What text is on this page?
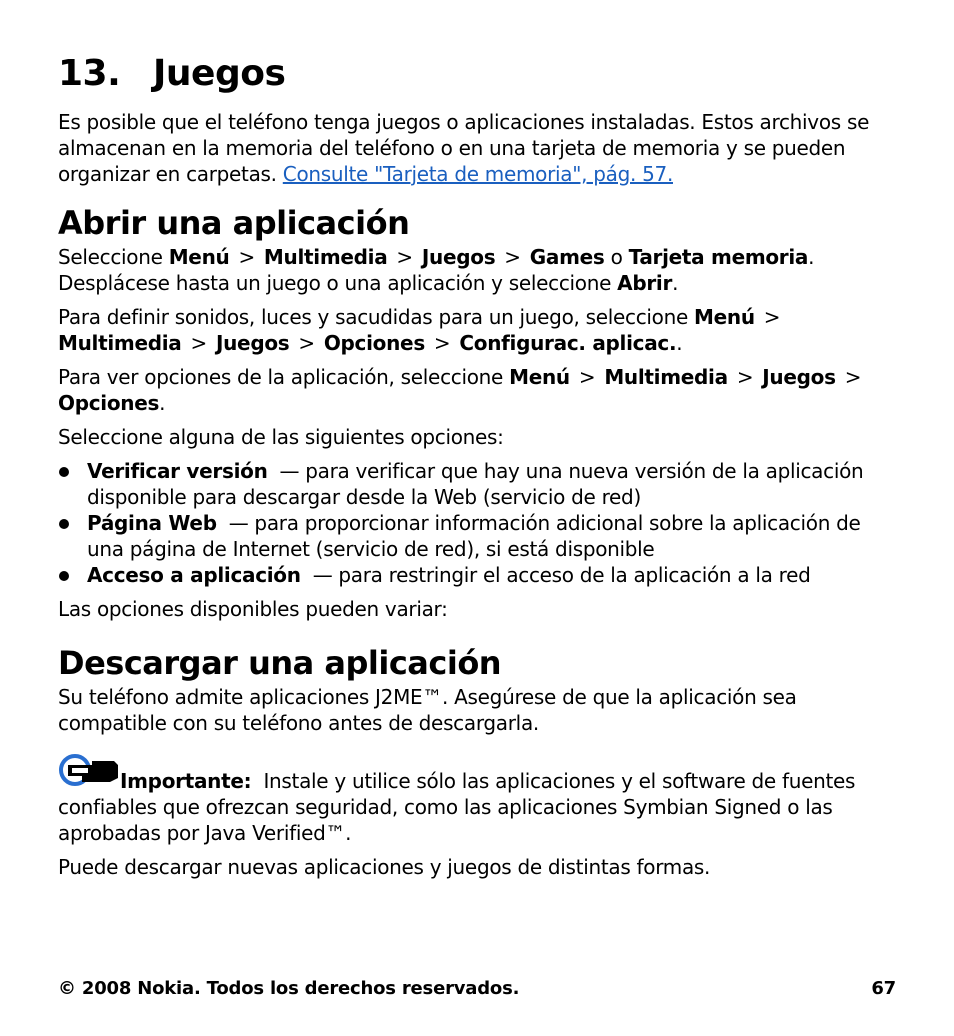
13. Juegos

Es posible que el teléfono tenga juegos o aplicaciones instaladas. Estos archivos se almacenan en la memoria del teléfono o en una tarjeta de memoria y se pueden organizar en carpetas. Consulte "Tarjeta de memoria", pág. 57.

Abrir una aplicación

Seleccione Menú > Multimedia > Juegos > Games o Tarjeta memoria.
Desplácese hasta un juego o una aplicación y seleccione Abrir.

Para definir sonidos, luces y sacudidas para un juego, seleccione Menú >
Multimedia > Juegos > Opciones > Configurac. aplicac..

Para ver opciones de la aplicación, seleccione Menú > Multimedia > Juegos >
Opciones.

Seleccione alguna de las siguientes opciones:

Verificar versión — para verificar que hay una nueva versión de la aplicación disponible para descargar desde la Web (servicio de red)
Página Web — para proporcionar información adicional sobre la aplicación de una página de Internet (servicio de red), si está disponible
Acceso a aplicación — para restringir el acceso de la aplicación a la red

Las opciones disponibles pueden variar:

Descargar una aplicación

Su teléfono admite aplicaciones J2ME™. Asegúrese de que la aplicación sea compatible con su teléfono antes de descargarla.

Importante: Instale y utilice sólo las aplicaciones y el software de fuentes confiables que ofrezcan seguridad, como las aplicaciones Symbian Signed o las aprobadas por Java Verified™.

Puede descargar nuevas aplicaciones y juegos de distintas formas.

© 2008 Nokia. Todos los derechos reservados.	67
